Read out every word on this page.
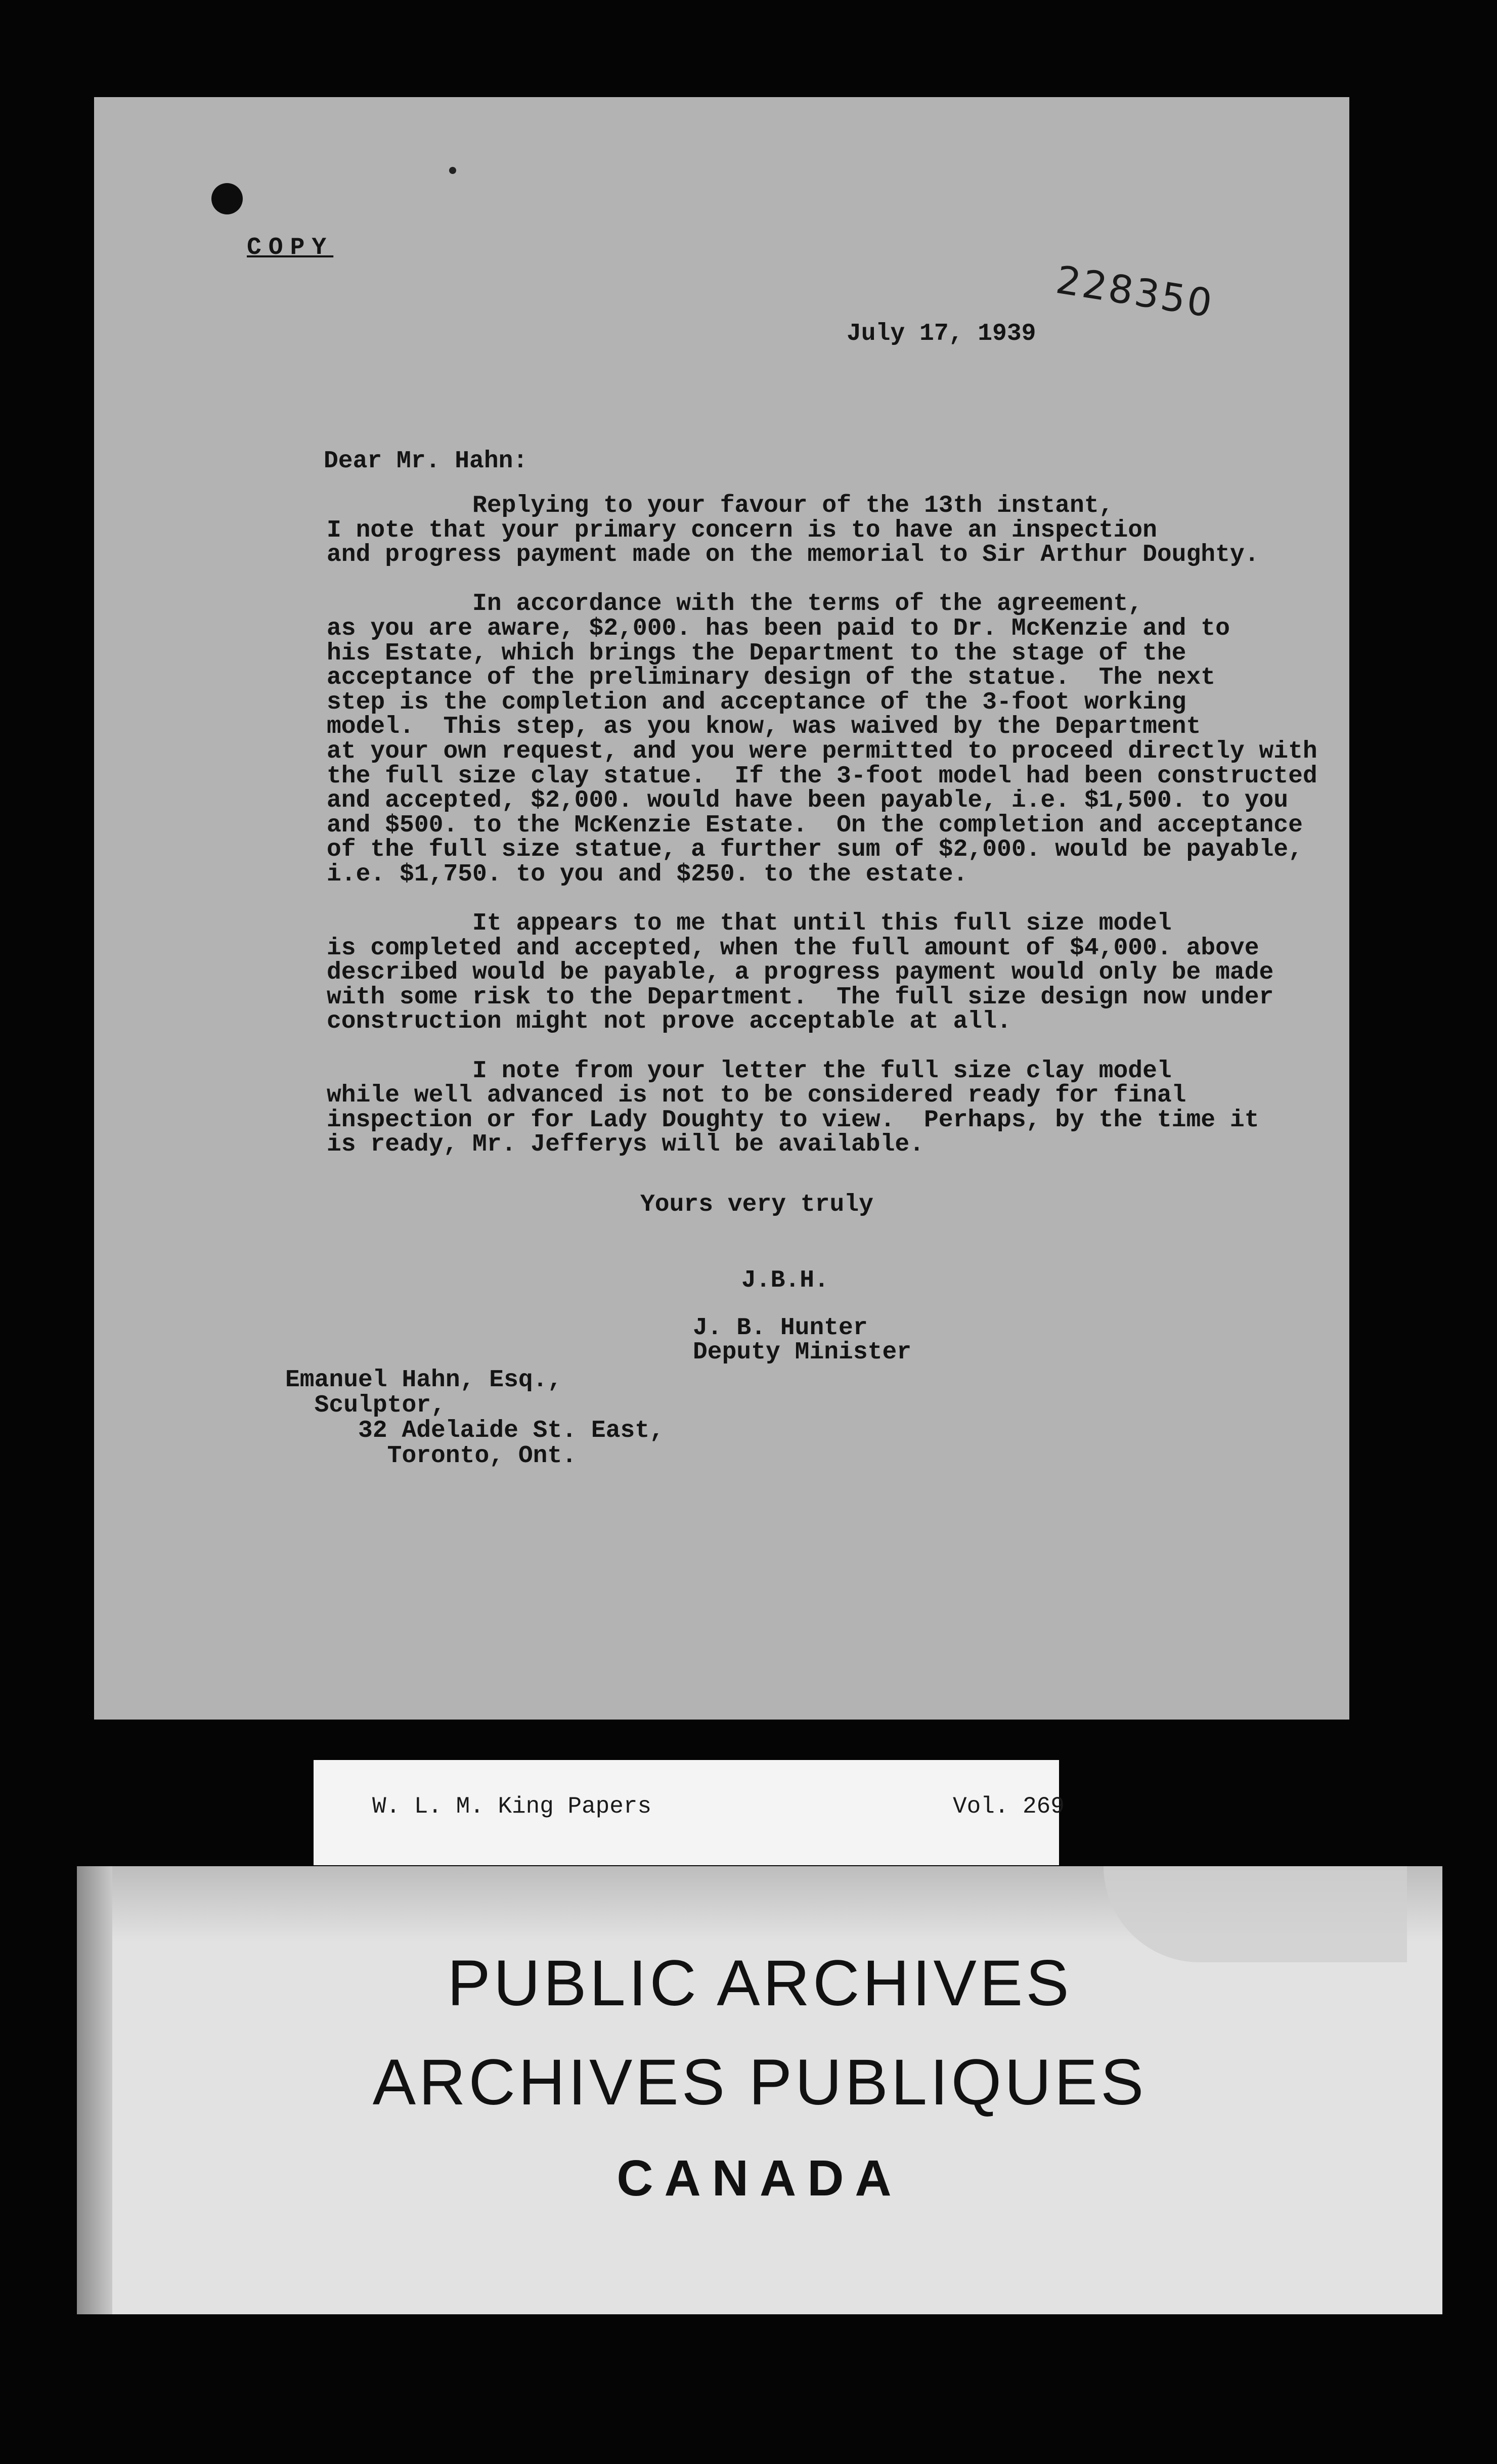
COPY
228350
July 17, 1939
Dear Mr. Hahn:
Replying to your favour of the 13th instant,
I note that your primary concern is to have an inspection
and progress payment made on the memorial to Sir Arthur Doughty.

In accordance with the terms of the agreement,
as you are aware, $2,000. has been paid to Dr. McKenzie and to
his Estate, which brings the Department to the stage of the
acceptance of the preliminary design of the statue.  The next
step is the completion and acceptance of the 3-foot working
model.  This step, as you know, was waived by the Department
at your own request, and you were permitted to proceed directly with
the full size clay statue.  If the 3-foot model had been constructed
and accepted, $2,000. would have been payable, i.e. $1,500. to you
and $500. to the McKenzie Estate.  On the completion and acceptance
of the full size statue, a further sum of $2,000. would be payable,
i.e. $1,750. to you and $250. to the estate.

It appears to me that until this full size model
is completed and accepted, when the full amount of $4,000. above
described would be payable, a progress payment would only be made
with some risk to the Department.  The full size design now under
construction might not prove acceptable at all.

I note from your letter the full size clay model
while well advanced is not to be considered ready for final
inspection or for Lady Doughty to view.  Perhaps, by the time it
is ready, Mr. Jefferys will be available.
Yours very truly
J.B.H.
J. B. Hunter
Deputy Minister
Emanuel Hahn, Esq.,
Sculptor,
32 Adelaide St. East,
Toronto, Ont.
PUBLIC ARCHIVES
ARCHIVES PUBLIQUES
CANADA
W. L. M. King Papers	Vol. 269
